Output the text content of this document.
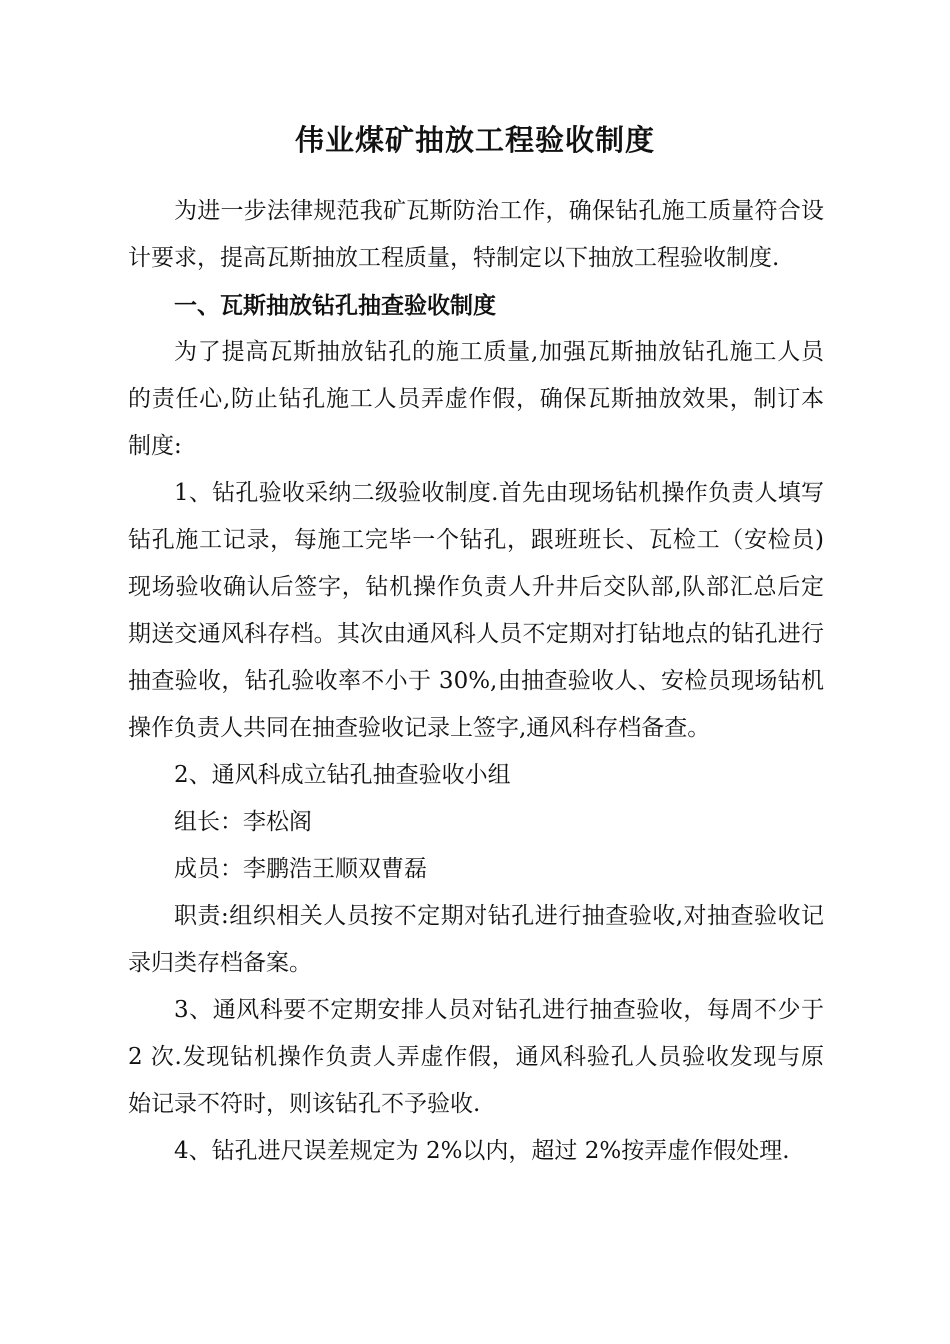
伟业煤矿抽放工程验收制度

为进一步法律规范我矿瓦斯防治工作，确保钻孔施工质量符合设计要求，提高瓦斯抽放工程质量，特制定以下抽放工程验收制度.

一、瓦斯抽放钻孔抽查验收制度

为了提高瓦斯抽放钻孔的施工质量,加强瓦斯抽放钻孔施工人员的责任心,防止钻孔施工人员弄虚作假，确保瓦斯抽放效果，制订本制度:

1、钻孔验收采纳二级验收制度.首先由现场钻机操作负责人填写钻孔施工记录，每施工完毕一个钻孔，跟班班长、瓦检工（安检员)现场验收确认后签字，钻机操作负责人升井后交队部,队部汇总后定期送交通风科存档。其次由通风科人员不定期对打钻地点的钻孔进行抽查验收，钻孔验收率不小于 30%,由抽查验收人、安检员现场钻机操作负责人共同在抽查验收记录上签字,通风科存档备查。

2、通风科成立钻孔抽查验收小组

组长：李松阁

成员：李鹏浩王顺双曹磊

职责:组织相关人员按不定期对钻孔进行抽查验收,对抽查验收记录归类存档备案。

3、通风科要不定期安排人员对钻孔进行抽查验收，每周不少于 2 次.发现钻机操作负责人弄虚作假，通风科验孔人员验收发现与原始记录不符时，则该钻孔不予验收.

4、钻孔进尺误差规定为 2%以内，超过 2%按弄虚作假处理.
